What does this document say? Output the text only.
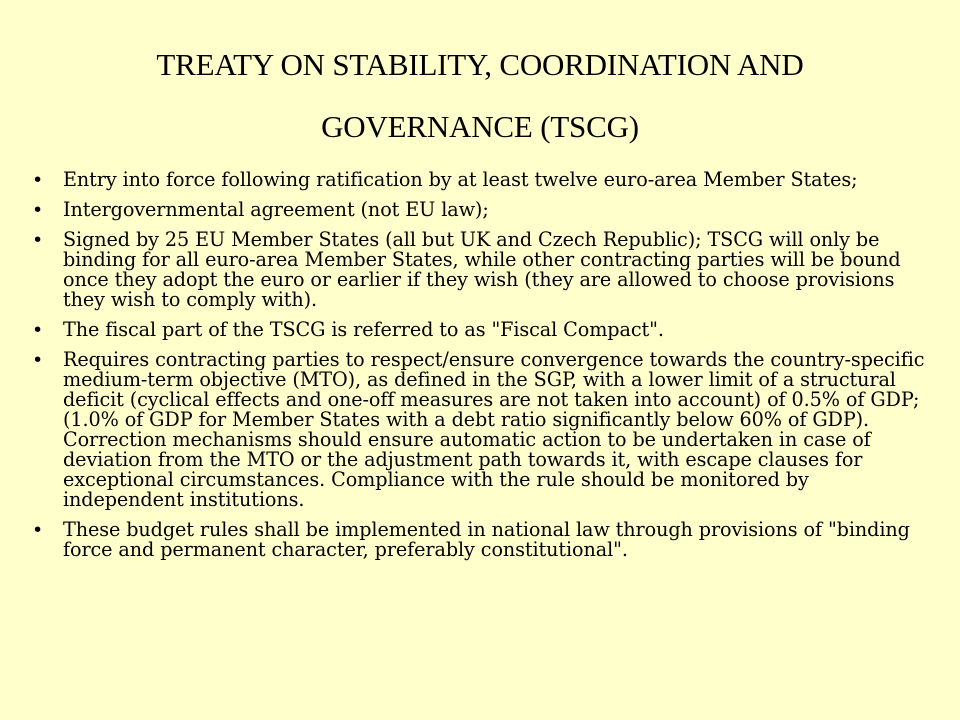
TREATY ON STABILITY, COORDINATION AND
GOVERNANCE (TSCG)
• Entry into force following ratification by at least twelve euro-area Member States;
• Intergovernmental agreement (not EU law);
• Signed by 25 EU Member States (all but UK and Czech Republic); TSCG will only be binding for all euro-area Member States, while other contracting parties will be bound once they adopt the euro or earlier if they wish (they are allowed to choose provisions they wish to comply with).
• The fiscal part of the TSCG is referred to as "Fiscal Compact".
• Requires contracting parties to respect/ensure convergence towards the country-specific medium-term objective (MTO), as defined in the SGP, with a lower limit of a structural deficit (cyclical effects and one-off measures are not taken into account) of 0.5% of GDP; (1.0% of GDP for Member States with a debt ratio significantly below 60% of GDP). Correction mechanisms should ensure automatic action to be undertaken in case of deviation from the MTO or the adjustment path towards it, with escape clauses for exceptional circumstances. Compliance with the rule should be monitored by independent institutions.
• These budget rules shall be implemented in national law through provisions of "binding force and permanent character, preferably constitutional".
